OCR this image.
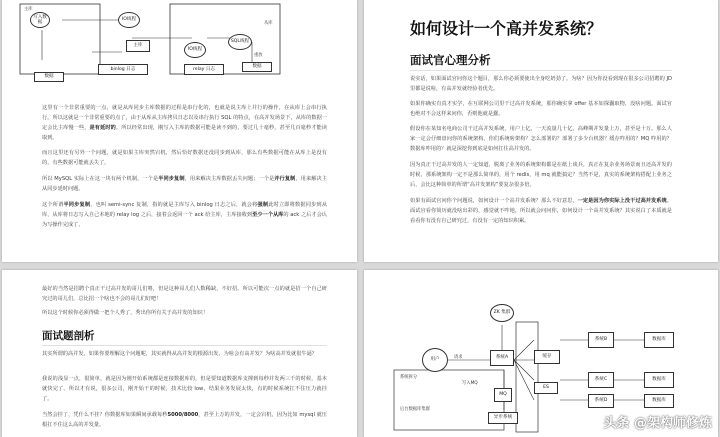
写入数据
IO线程
数据
binlog 日志
主库
IO线程
SQL线程
relay 日志	数据
主库
从库
重放

这里有一个非常重要的一点，就是从库同步主库数据的过程是串行化的，也就是说主库上并行的操作，在从库上会串行执行。所以这就是一个非常重要的点了，由于从库从主库拷贝日志以及串行执行 SQL 的特点，在高并发场景下，从库的数据一定会比主库慢一些，是有延时的。所以经常出现，刚写入主库的数据可能是读不到的，要过几十毫秒，甚至几百毫秒才能读取到。

而且这里还有另外一个问题，就是如果主库突然宕机，然后恰好数据还没同步到从库，那么有些数据可能在从库上是没有的，有些数据可能就丢失了。

所以 MySQL 实际上在这一块有两个机制，一个是半同步复制，用来解决主库数据丢失问题；一个是并行复制，用来解决主从同步延时问题。

这个所谓半同步复制，也叫 semi-sync 复制，指的就是主库写入 binlog 日志之后，就会将强制此时立即将数据同步到从库，从库将日志写入自己本地的 relay log 之后，接着会返回一个 ack 给主库，主库接收到至少一个从库的 ack 之后才会认为写操作完成了。

如何设计一个高并发系统？
面试官心理分析

说实话，如果面试官问你这个题目，那么你必须要使出全身吃奶劲了。为啥？因为你没看到现在很多公司招聘的 JD 里都是说啥，有高并发就经验者优先。

如果你确实有真才实学，在互联网公司里干过高并发系统，那你确实拿 offer 基本如探囊取物，没啥问题。面试官也绝对不会这样来问你，否则他就是蠢。

假设你在某知名电商公司干过高并发系统，用户上亿，一天流量几十亿，高峰期并发量上万，甚至是十万。那么人家一定会仔细盘问你的系统架构，你们系统啥架构？怎么部署的？部署了多少台机器？缓存咋用的？MQ 咋用的？数据库咋用的？就是深挖你到底是如何扛住高并发的。

因为真正干过高并发的人一定知道，脱离了业务的系统架构都是在纸上谈兵，真正在复杂业务场景而且还高并发的时候，那系统架构一定不是那么简单的，用个 redis，用 mq 就能搞定？当然不是，真实的系统架构搭配上业务之后，会比这种简单的所谓“高并发架构”要复杂很多倍。

如果有面试官问你个问题说，如何设计一个高并发系统？那么不好意思，一定是因为你实际上没干过高并发系统。面试官看你简历就没啥出彩的，感觉就不咋地，所以就会问问你，如何设计一个高并发系统？其实说白了本质就是看看你有没有自己研究过，有没有一定的知识积累。

最好的当然是招聘个真正干过高并发的哥儿们咯，但是这种哥儿们人数稀缺，不好招。所以可能次一点的就是招一个自己研究过的哥儿们，总比招一个啥也不会的哥儿们好吧！

所以这个时候你必须得做一把个人秀了，秀出你所有关于高并发的知识！

面试题剖析

其实所谓的高并发，如果你要理解这个问题呢，其实就得从高并发的根源出发，为啥会有高并发？为啥高并发就很牛逼？

我说的浅显一点，很简单，就是因为刚开始系统都是连接数据库的，但是要知道数据库支撑到每秒并发两三千的时候，基本就快完了。所以才有说，很多公司，刚开始干的时候，技术比较 low，结果业务发展太快，有的时候系统扛不住压力就挂了。

当然会挂了，凭什么不挂？你数据库如果瞬间承载每秒5000/8000，甚至上万的并发，一定会宕机，因为比如 mysql 就压根扛不住这么高的并发量。

ZK 集群
用户	系统A	缓存
系统B	数据库
系统C	数据库
系统D	数据库
ES
MQ
异步系统
请求
系统拆分
后台数据库集群
写入MQ
头条 @架构师修炼
